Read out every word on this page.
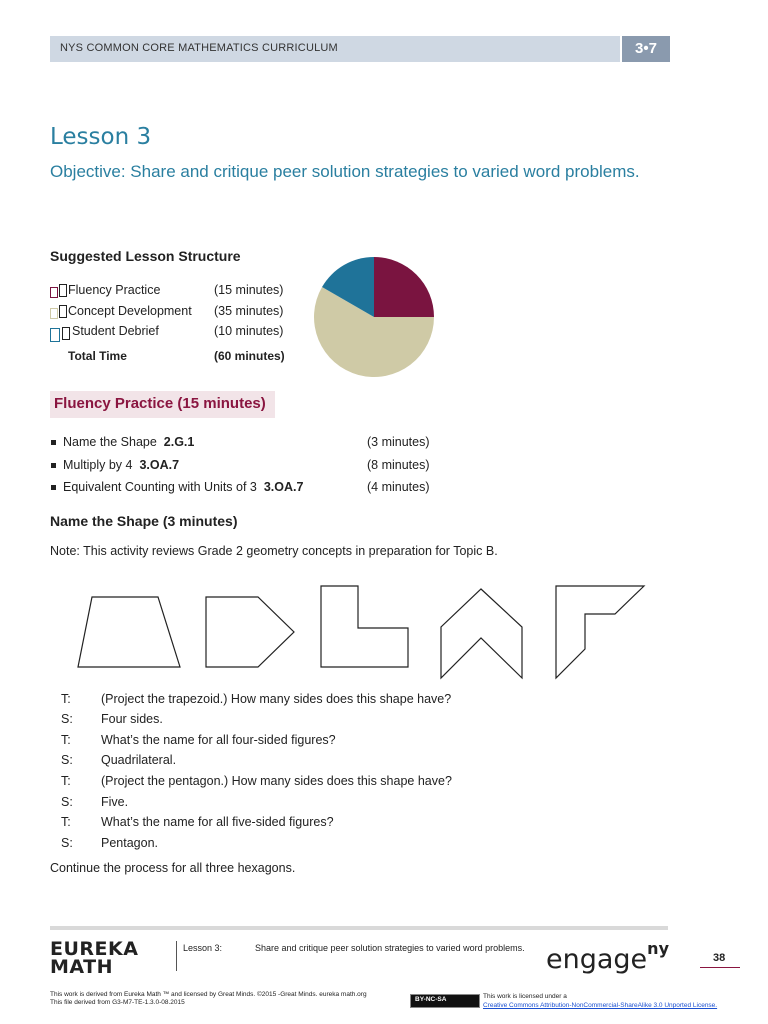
NYS COMMON CORE MATHEMATICS CURRICULUM	3•7
Lesson 3
Objective: Share and critique peer solution strategies to varied word problems.
Suggested Lesson Structure
Fluency Practice	(15 minutes)
Concept Development (35 minutes)
Student Debrief	(10 minutes)
Total Time	(60 minutes)
Fluency Practice (15 minutes)
Name the Shape 2.G.1	(3 minutes)
Multiply by 4 3.OA.7	(8 minutes)
Equivalent Counting with Units of 3 3.OA.7	(4 minutes)
Name the Shape (3 minutes)
Note: This activity reviews Grade 2 geometry concepts in preparation for Topic B.
T: (Project the trapezoid.) How many sides does this shape have?
S: Four sides.
T: What’s the name for all four-sided figures?
S: Quadrilateral.
T: (Project the pentagon.) How many sides does this shape have?
S: Five.
T: What’s the name for all five-sided figures?
S: Pentagon.
Continue the process for all three hexagons.
EUREKA
MATH
Lesson 3:	Share and critique peer solution strategies to varied word problems. engage$^{ny}$	38
This work is derived from Eureka Math ™ and licensed by Great Minds. ©2015 -Great Minds. eureka math.org This file derived from G3-M7-TE-1.3.0-08.2015	BY-NC-SA	This work is licensed under a
Creative Commons Attribution-NonCommercial-ShareAlike 3.0 Unported License.
